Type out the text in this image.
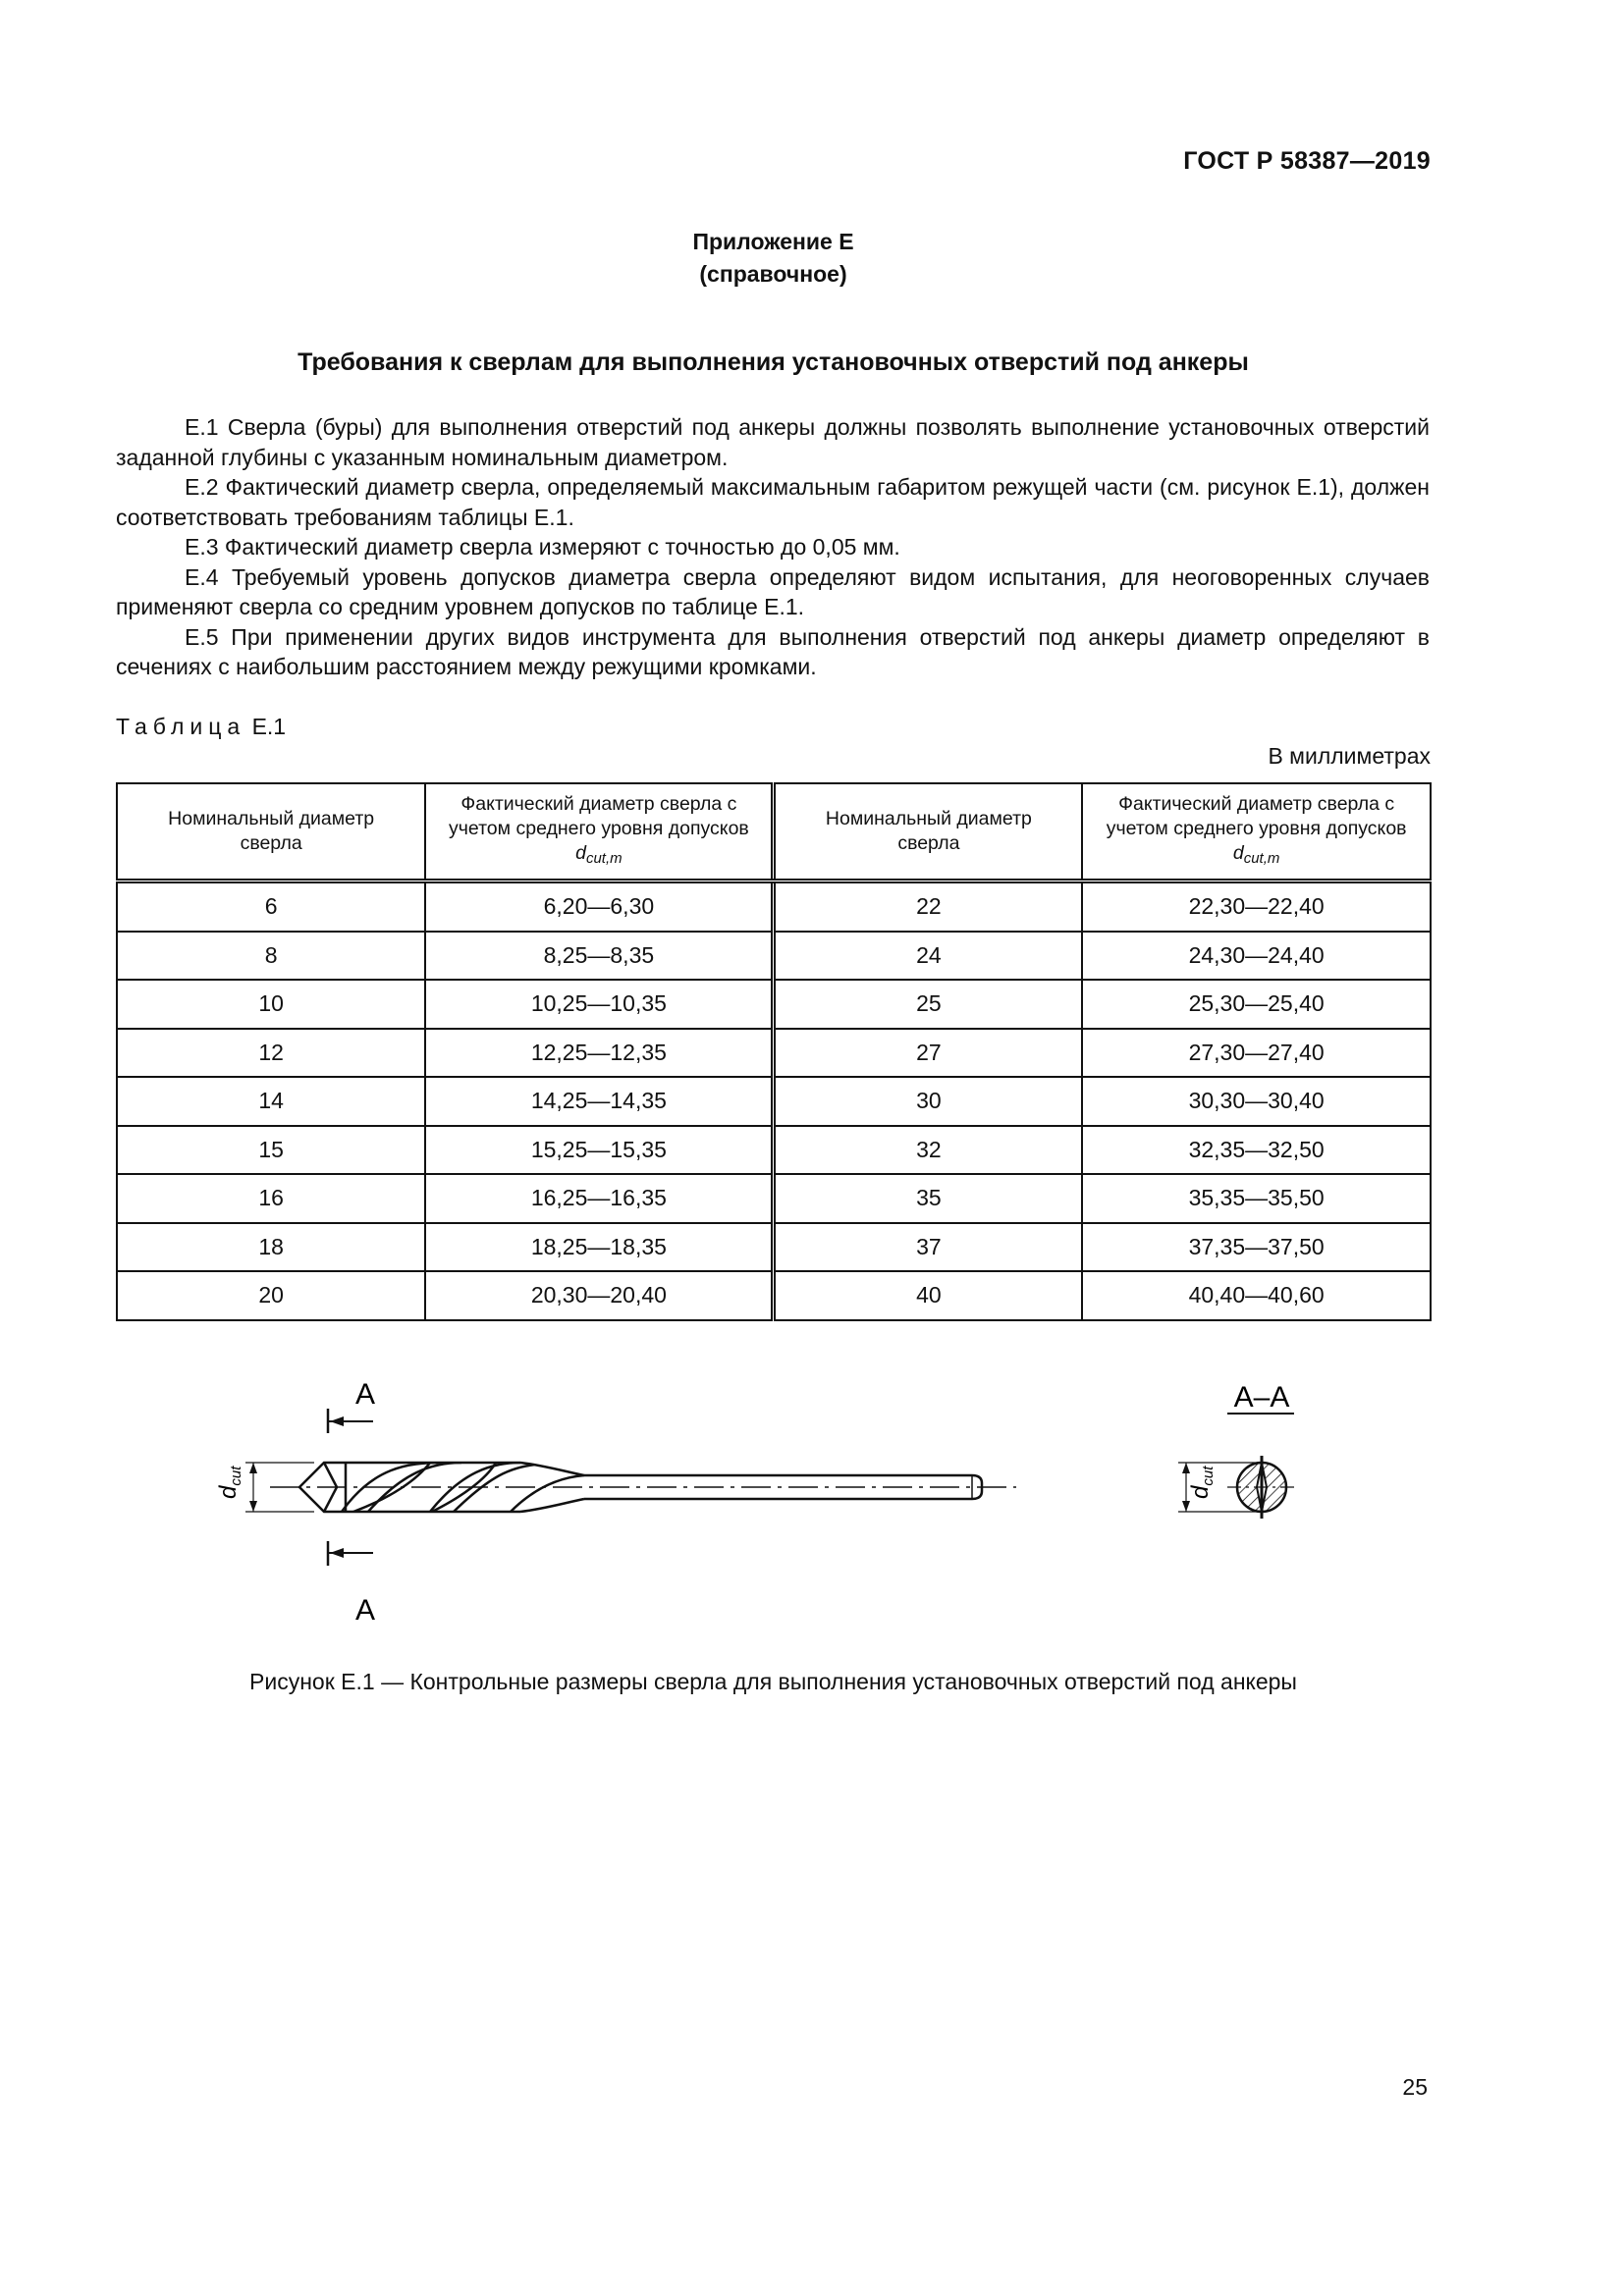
ГОСТ Р 58387—2019
Приложение Е
(справочное)
Требования к сверлам для выполнения установочных отверстий под анкеры

Е.1 Сверла (буры) для выполнения отверстий под анкеры должны позволять выполнение установочных отверстий заданной глубины с указанным номинальным диаметром.

Е.2 Фактический диаметр сверла, определяемый максимальным габаритом режущей части (см. рисунок Е.1), должен соответствовать требованиям таблицы Е.1.

Е.3 Фактический диаметр сверла измеряют с точностью до 0,05 мм.

Е.4 Требуемый уровень допусков диаметра сверла определяют видом испытания, для неоговоренных случаев применяют сверла со средним уровнем допусков по таблице Е.1.

Е.5 При применении других видов инструмента для выполнения отверстий под анкеры диаметр определяют в сечениях с наибольшим расстоянием между режущими кромками.

Таблица Е.1
В миллиметрах
Номинальный диаметр сверла	Фактический диаметр сверла с учетом среднего уровня допусков $d_{cut,m}$	Номинальный диаметр сверла	Фактический диаметр сверла с учетом среднего уровня допусков $d_{cut,m}$

6	6,20—6,30	22	22,30—22,40
8	8,25—8,35	24	24,30—24,40
10	10,25—10,35	25	25,30—25,40
12	12,25—12,35	27	27,30—27,40
14	14,25—14,35	30	30,30—30,40
15	15,25—15,35	32	32,35—32,50
16	16,25—16,35	35	35,35—35,50
18	18,25—18,35	37	37,35—37,50
20	20,30—20,40	40	40,40—40,60
А
А
$d_{cut}$
А–А
$d_{cut}$
Рисунок Е.1 — Контрольные размеры сверла для выполнения установочных отверстий под анкеры
25
